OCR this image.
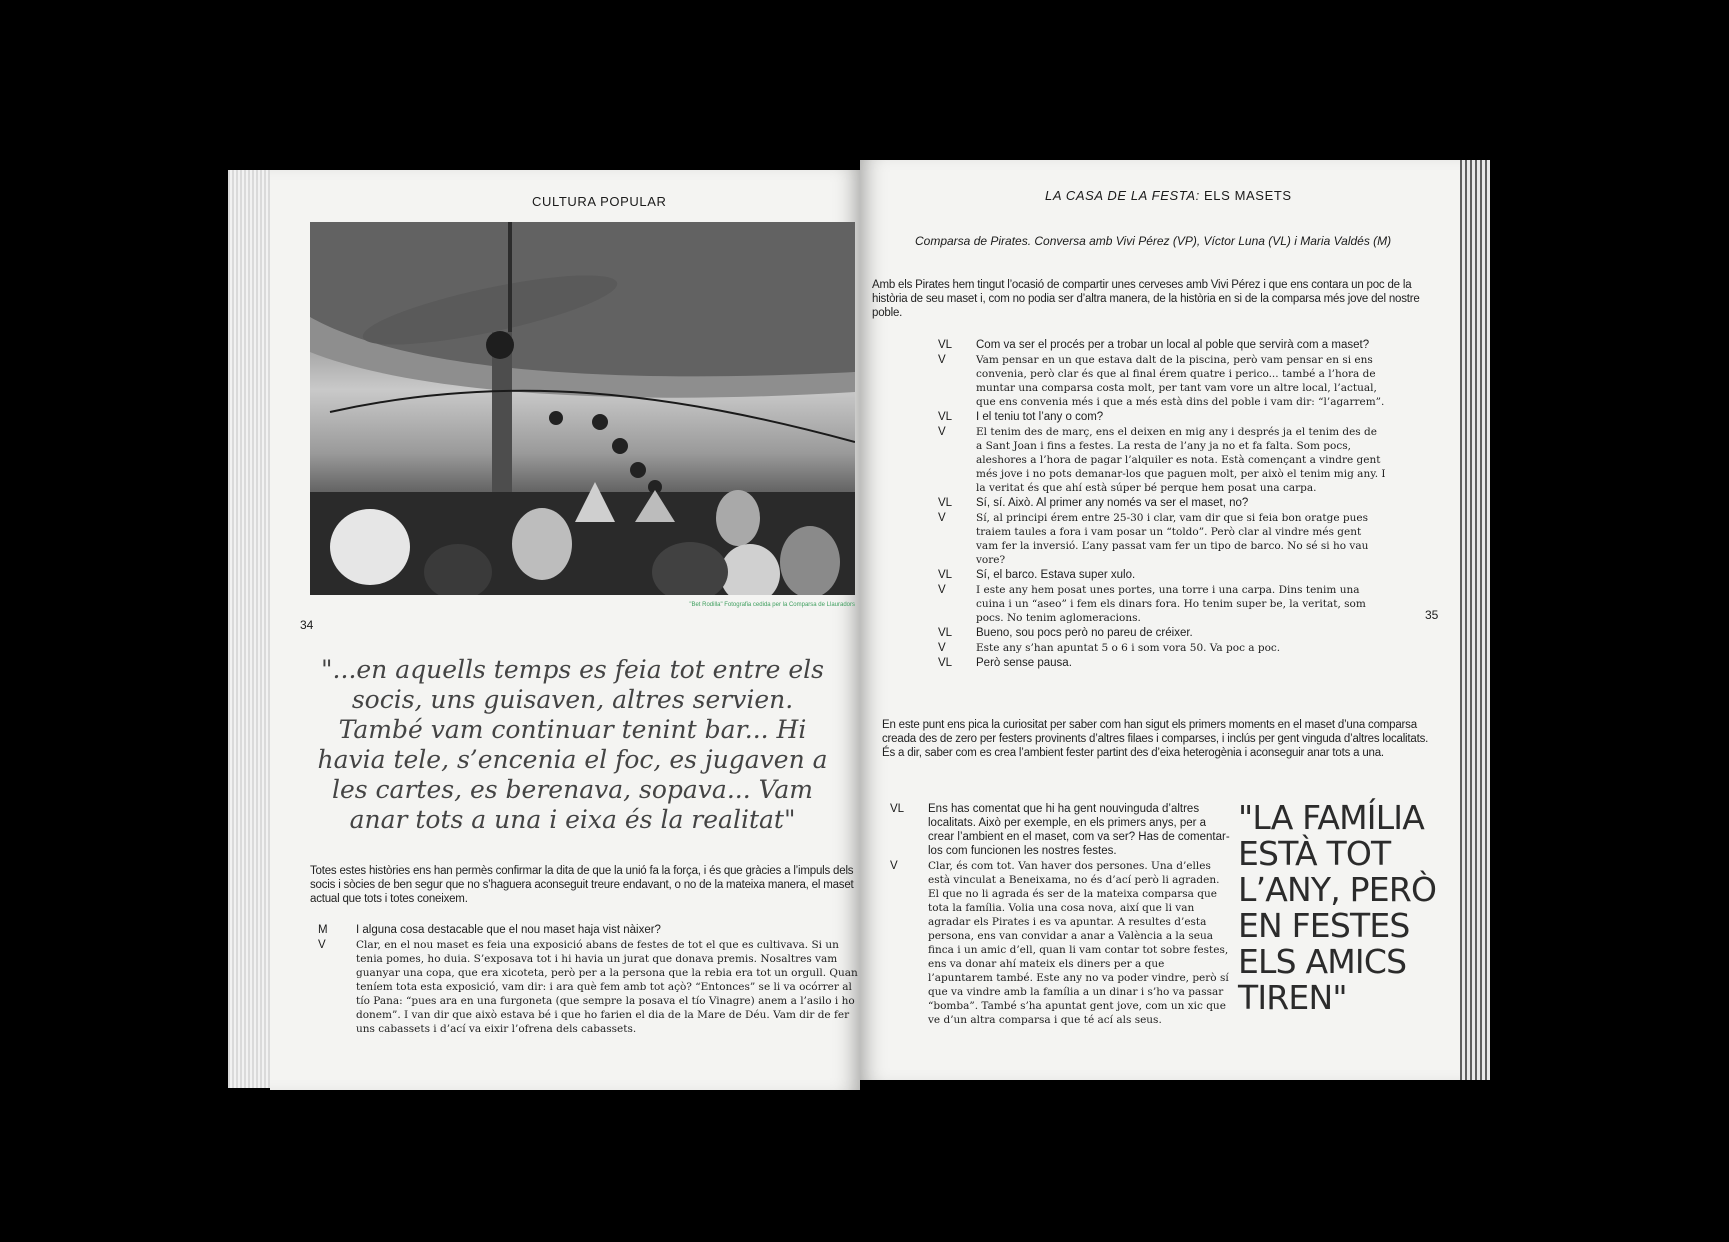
CULTURA POPULAR
"Bet Rodilla" Fotografia cedida per la Comparsa de Llauradors
34
"...en aquells temps es feia tot entre els socis, uns guisaven, altres servien. També vam continuar tenint bar... Hi havia tele, s’encenia el foc, es jugaven a les cartes, es berenava, sopava... Vam anar tots a una i eixa és la realitat"
Totes estes històries ens han permès confirmar la dita de que la unió fa la força, i és que gràcies a l’impuls dels socis i sòcies de ben segur que no s’haguera aconseguit treure endavant, o no de la mateixa manera, el maset actual que tots i totes coneixem.
M	I alguna cosa destacable que el nou maset haja vist nàixer?
V	Clar, en el nou maset es feia una exposició abans de festes de tot el que es cultivava. Si un tenia pomes, ho duia. S’exposava tot i hi havia un jurat que donava premis. Nosaltres vam guanyar una copa, que era xicoteta, però per a la persona que la rebia era tot un orgull. Quan teníem tota esta exposició, vam dir: i ara què fem amb tot açò? “Entonces” se li va ocórrer al tío Pana: “pues ara en una furgoneta (que sempre la posava el tío Vinagre) anem a l’asilo i ho donem”. I van dir que això estava bé i que ho farien el dia de la Mare de Déu. Vam dir de fer uns cabassets i d’ací va eixir l’ofrena dels cabassets.
LA CASA DE LA FESTA: ELS MASETS
Comparsa de Pirates. Conversa amb Vivi Pérez (VP), Víctor Luna (VL) i Maria Valdés (M)
Amb els Pirates hem tingut l’ocasió de compartir unes cerveses amb Vivi Pérez i que ens contara un poc de la història de seu maset i, com no podia ser d’altra manera, de la història en si de la comparsa més jove del nostre poble.
VL	Com va ser el procés per a trobar un local al poble que servirà com a maset?
V	Vam pensar en un que estava dalt de la piscina, però vam pensar en si ens convenia, però clar és que al final érem quatre i perico... també a l’hora de muntar una comparsa costa molt, per tant vam vore un altre local, l’actual, que ens convenia més i que a més està dins del poble i vam dir: “l’agarrem”.
VL	I el teniu tot l’any o com?
V	El tenim des de març, ens el deixen en mig any i després ja el tenim des de a Sant Joan i fins a festes. La resta de l’any ja no et fa falta. Som pocs, aleshores a l’hora de pagar l’alquiler es nota. Està començant a vindre gent més jove i no pots demanar-los que paguen molt, per això el tenim mig any. I la veritat és que ahí està súper bé perque hem posat una carpa.
VL	Sí, sí. Això. Al primer any només va ser el maset, no?
V	Sí, al principi érem entre 25-30 i clar, vam dir que si feia bon oratge pues traiem taules a fora i vam posar un “toldo”. Però clar al vindre més gent vam fer la inversió. L’any passat vam fer un tipo de barco. No sé si ho vau vore?
VL	Sí, el barco. Estava super xulo.
V	I este any hem posat unes portes, una torre i una carpa. Dins tenim una cuina i un “aseo” i fem els dinars fora. Ho tenim super be, la veritat, som pocs. No tenim aglomeracions.
VL	Bueno, sou pocs però no pareu de créixer.
V	Este any s’han apuntat 5 o 6 i som vora 50. Va poc a poc.
VL	Però sense pausa.
35
En este punt ens pica la curiositat per saber com han sigut els primers moments en el maset d’una comparsa creada des de zero per festers provinents d’altres filaes i comparses, i inclús per gent vinguda d’altres localitats. És a dir, saber com es crea l’ambient fester partint des d’eixa heterogènia i aconseguir anar tots a una.
VL	Ens has comentat que hi ha gent nouvinguda d’altres localitats. Això per exemple, en els primers anys, per a crear l’ambient en el maset, com va ser? Has de comentar-los com funcionen les nostres festes.
V	Clar, és com tot. Van haver dos persones. Una d’elles està vinculat a Beneixama, no és d’ací però li agraden. El que no li agrada és ser de la mateixa comparsa que tota la família. Volia una cosa nova, així que li van agradar els Pirates i es va apuntar. A resultes d’esta persona, ens van convidar a anar a València a la seua finca i un amic d’ell, quan li vam contar tot sobre festes, ens va donar ahí mateix els diners per a que l’apuntarem també. Este any no va poder vindre, però sí que va vindre amb la família a un dinar i s’ho va passar “bomba”. També s’ha apuntat gent jove, com un xic que ve d’un altra comparsa i que té ací als seus.
"LA FAMÍLIA ESTÀ TOT L’ANY, PERÒ EN FESTES ELS AMICS TIREN"
